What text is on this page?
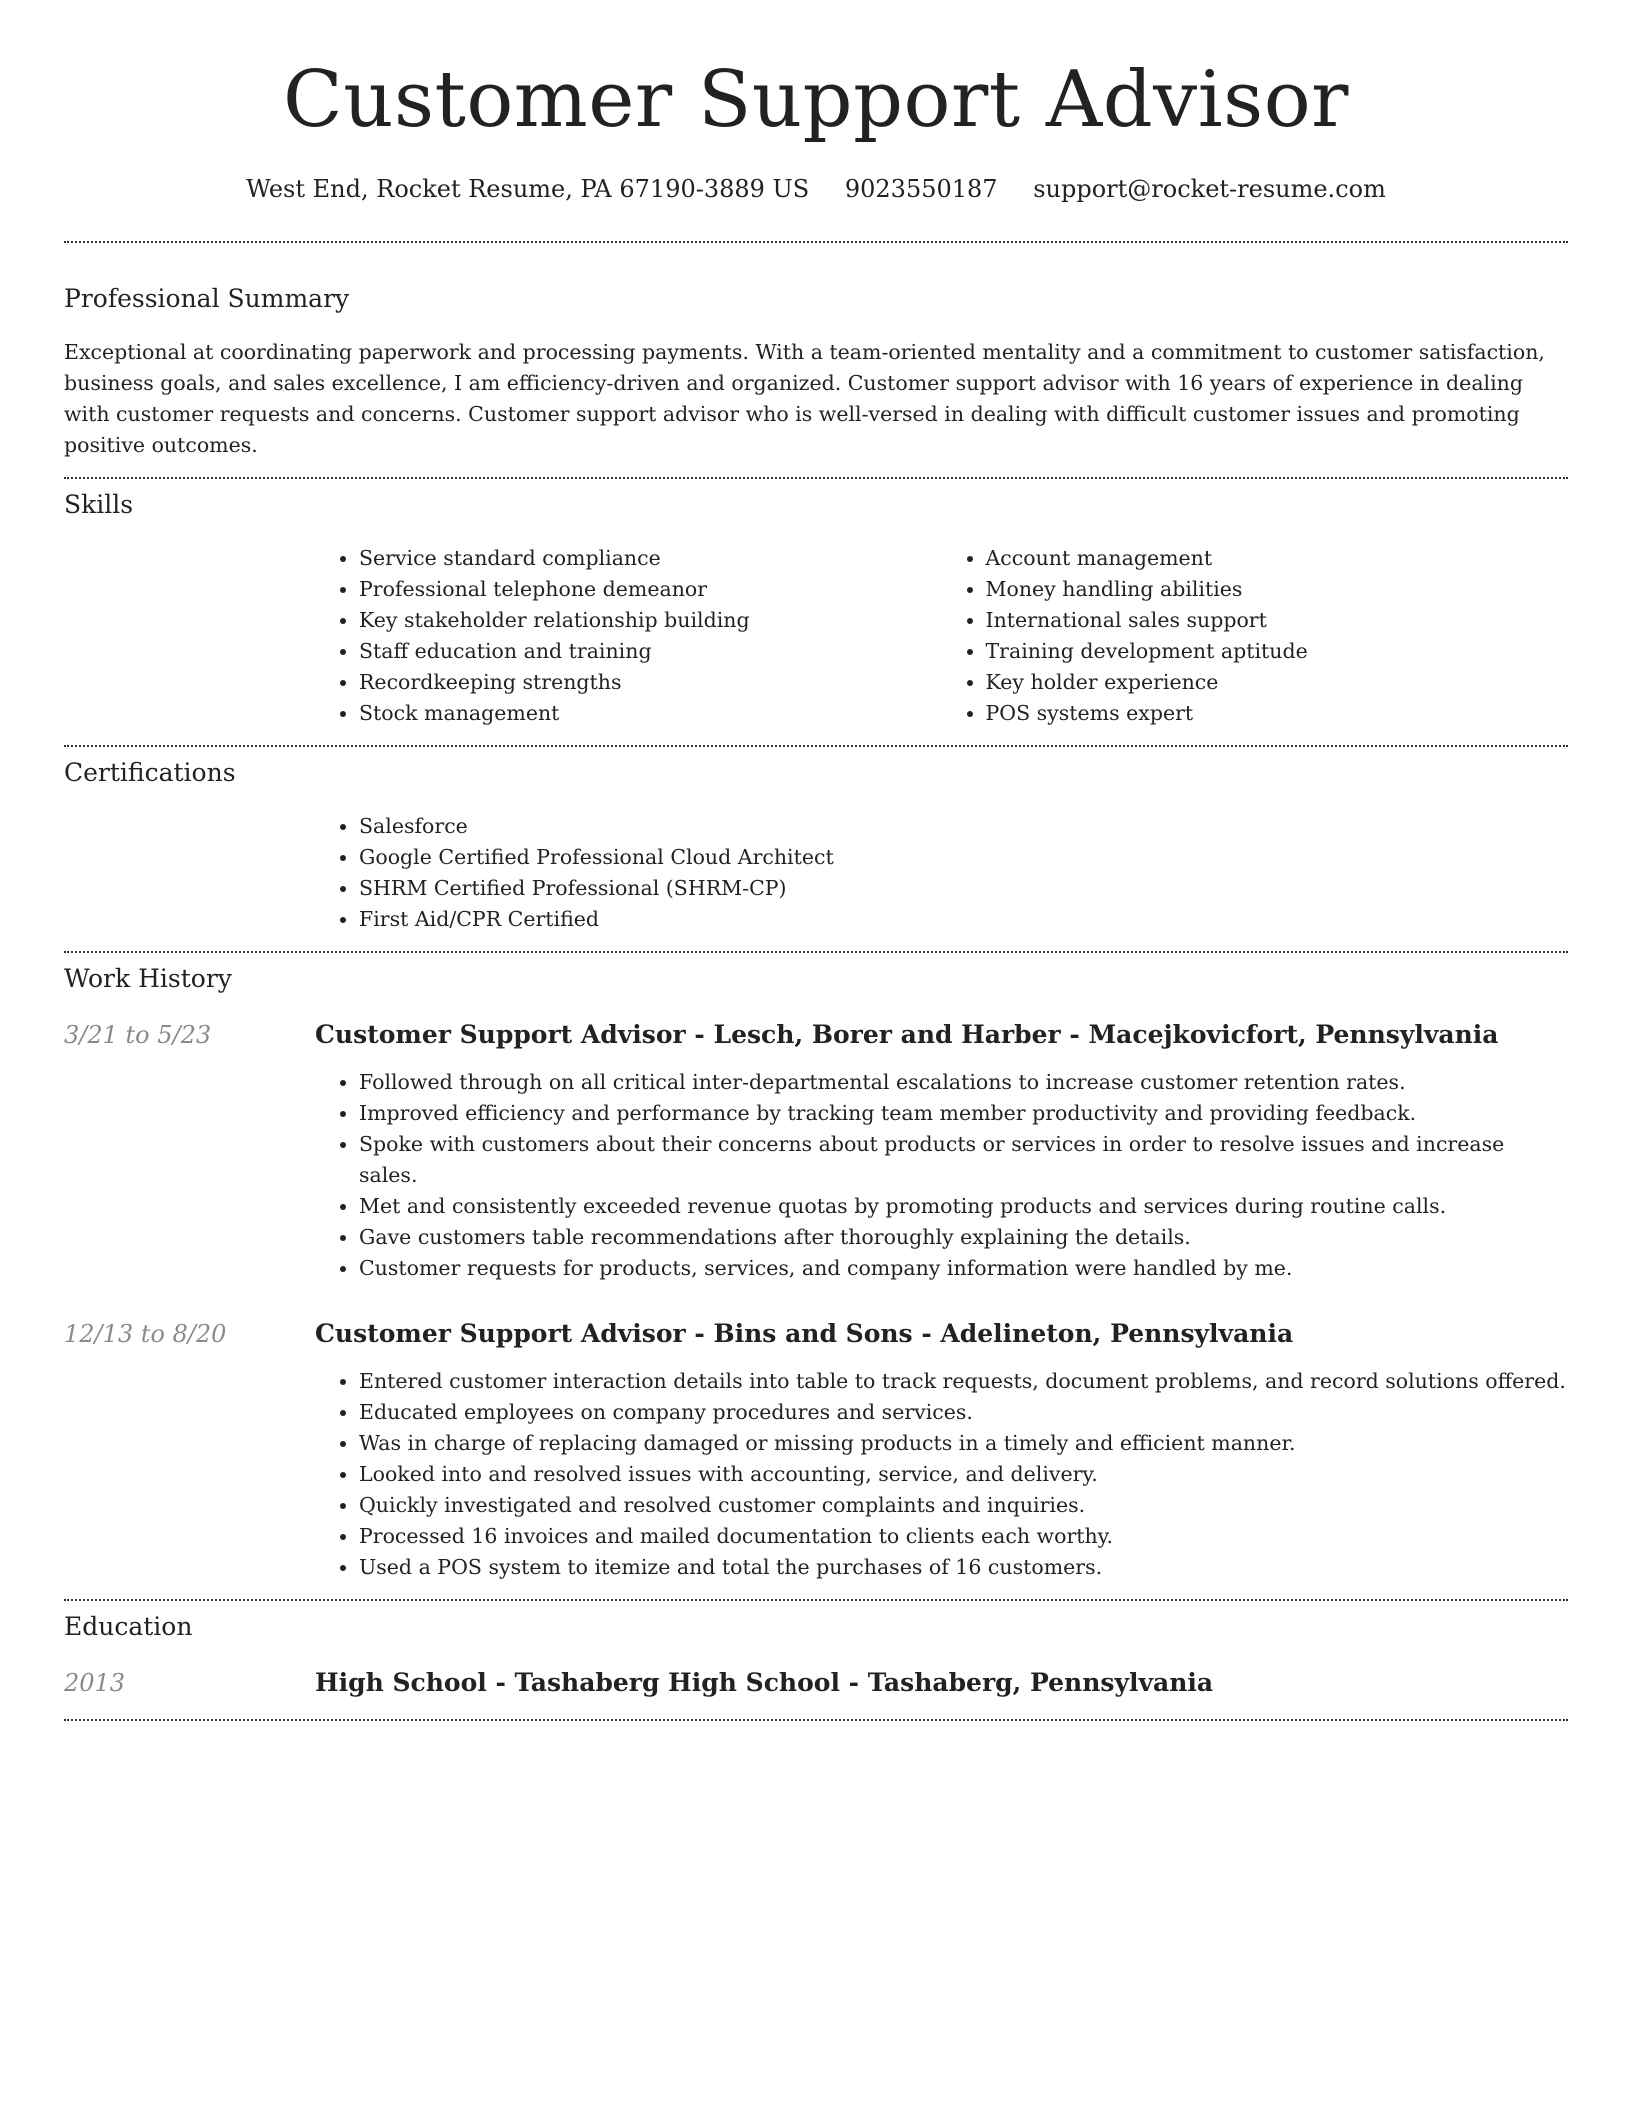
Customer Support Advisor
West End, Rocket Resume, PA 67190-3889 US 9023550187 support@rocket-resume.com
Professional Summary

Exceptional at coordinating paperwork and processing payments. With a team-oriented mentality and a commitment to customer satisfaction, business goals, and sales excellence, I am efficiency-driven and organized. Customer support advisor with 16 years of experience in dealing with customer requests and concerns. Customer support advisor who is well-versed in dealing with difficult customer issues and promoting positive outcomes.

Skills
• Service standard compliance
• Professional telephone demeanor
• Key stakeholder relationship building
• Staff education and training
• Recordkeeping strengths
• Stock management
• Account management
• Money handling abilities
• International sales support
• Training development aptitude
• Key holder experience
• POS systems expert
Certifications
• Salesforce
• Google Certified Professional Cloud Architect
• SHRM Certified Professional (SHRM-CP)
• First Aid/CPR Certified
Work History
3/21 to 5/23	Customer Support Advisor - Lesch, Borer and Harber - Macejkovicfort, Pennsylvania
• Followed through on all critical inter-departmental escalations to increase customer retention rates.
• Improved efficiency and performance by tracking team member productivity and providing feedback.
• Spoke with customers about their concerns about products or services in order to resolve issues and increase sales.
• Met and consistently exceeded revenue quotas by promoting products and services during routine calls.
• Gave customers table recommendations after thoroughly explaining the details.
• Customer requests for products, services, and company information were handled by me.
12/13 to 8/20	Customer Support Advisor - Bins and Sons - Adelineton, Pennsylvania
• Entered customer interaction details into table to track requests, document problems, and record solutions offered.
• Educated employees on company procedures and services.
• Was in charge of replacing damaged or missing products in a timely and efficient manner.
• Looked into and resolved issues with accounting, service, and delivery.
• Quickly investigated and resolved customer complaints and inquiries.
• Processed 16 invoices and mailed documentation to clients each worthy.
• Used a POS system to itemize and total the purchases of 16 customers.
Education
2013	High School - Tashaberg High School - Tashaberg, Pennsylvania
